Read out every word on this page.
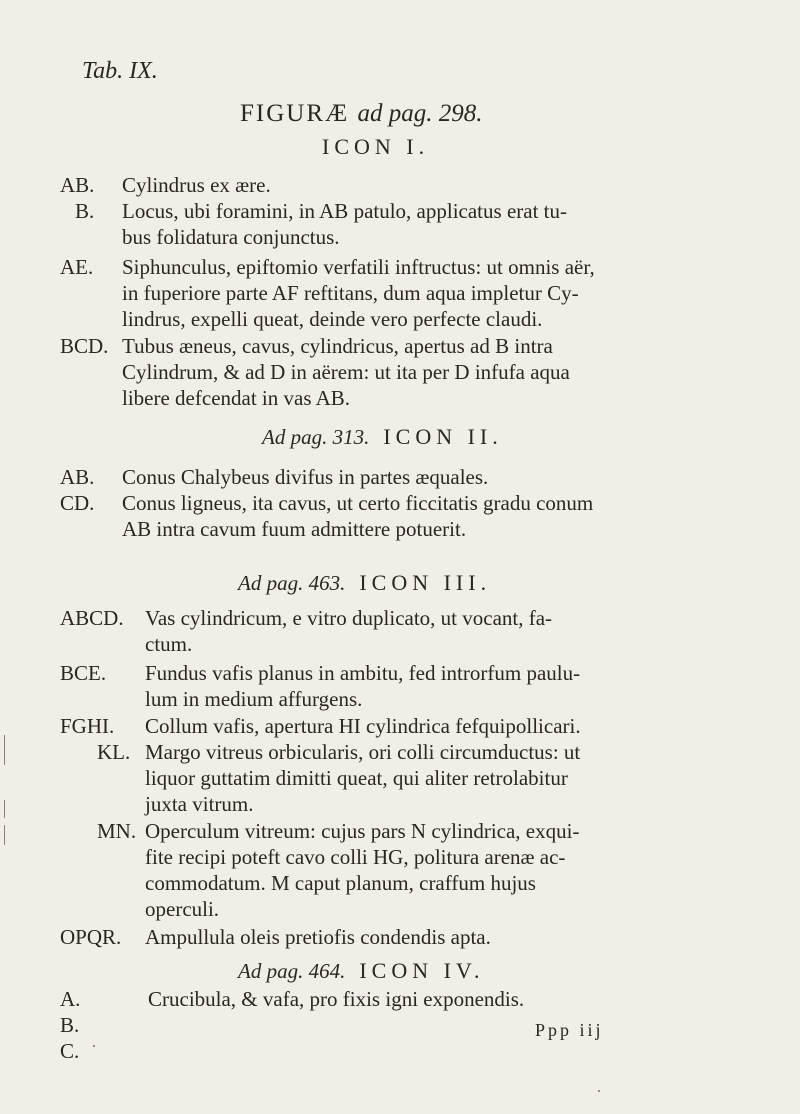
Tab. IX.
FIGURÆ ad pag. 298.
ICON I.
AB. Cylindrus ex ære.
B. Locus, ubi foramini, in AB patulo, applicatus erat tu-
bus folidatura conjunctus.
AE. Siphunculus, epiftomio verfatili inftructus: ut omnis aër,
in fuperiore parte AF reftitans, dum aqua impletur Cy-
lindrus, expelli queat, deinde vero perfecte claudi.
BCD. Tubus æneus, cavus, cylindricus, apertus ad B intra
Cylindrum, & ad D in aërem: ut ita per D infufa aqua
libere defcendat in vas AB.
Ad pag. 313. ICON II.
AB. Conus Chalybeus divifus in partes æquales.
CD. Conus ligneus, ita cavus, ut certo ficcitatis gradu conum
AB intra cavum fuum admittere potuerit.
Ad pag. 463. ICON III.
ABCD. Vas cylindricum, e vitro duplicato, ut vocant, fa-
ctum.
BCE. Fundus vafis planus in ambitu, fed introrfum paulu-
lum in medium affurgens.
FGHI. Collum vafis, apertura HI cylindrica fefquipollicari.
KL. Margo vitreus orbicularis, ori colli circumductus: ut
liquor guttatim dimitti queat, qui aliter retrolabitur
juxta vitrum.
MN. Operculum vitreum: cujus pars N cylindrica, exqui-
fite recipi poteft cavo colli HG, politura arenæ ac-
commodatum. M caput planum, craffum hujus
operculi.
OPQR. Ampullula oleis pretiofis condendis apta.
Ad pag. 464. ICON IV.
A. B. C.
Crucibula, & vafa, pro fixis igni exponendis.
Ppp iij
